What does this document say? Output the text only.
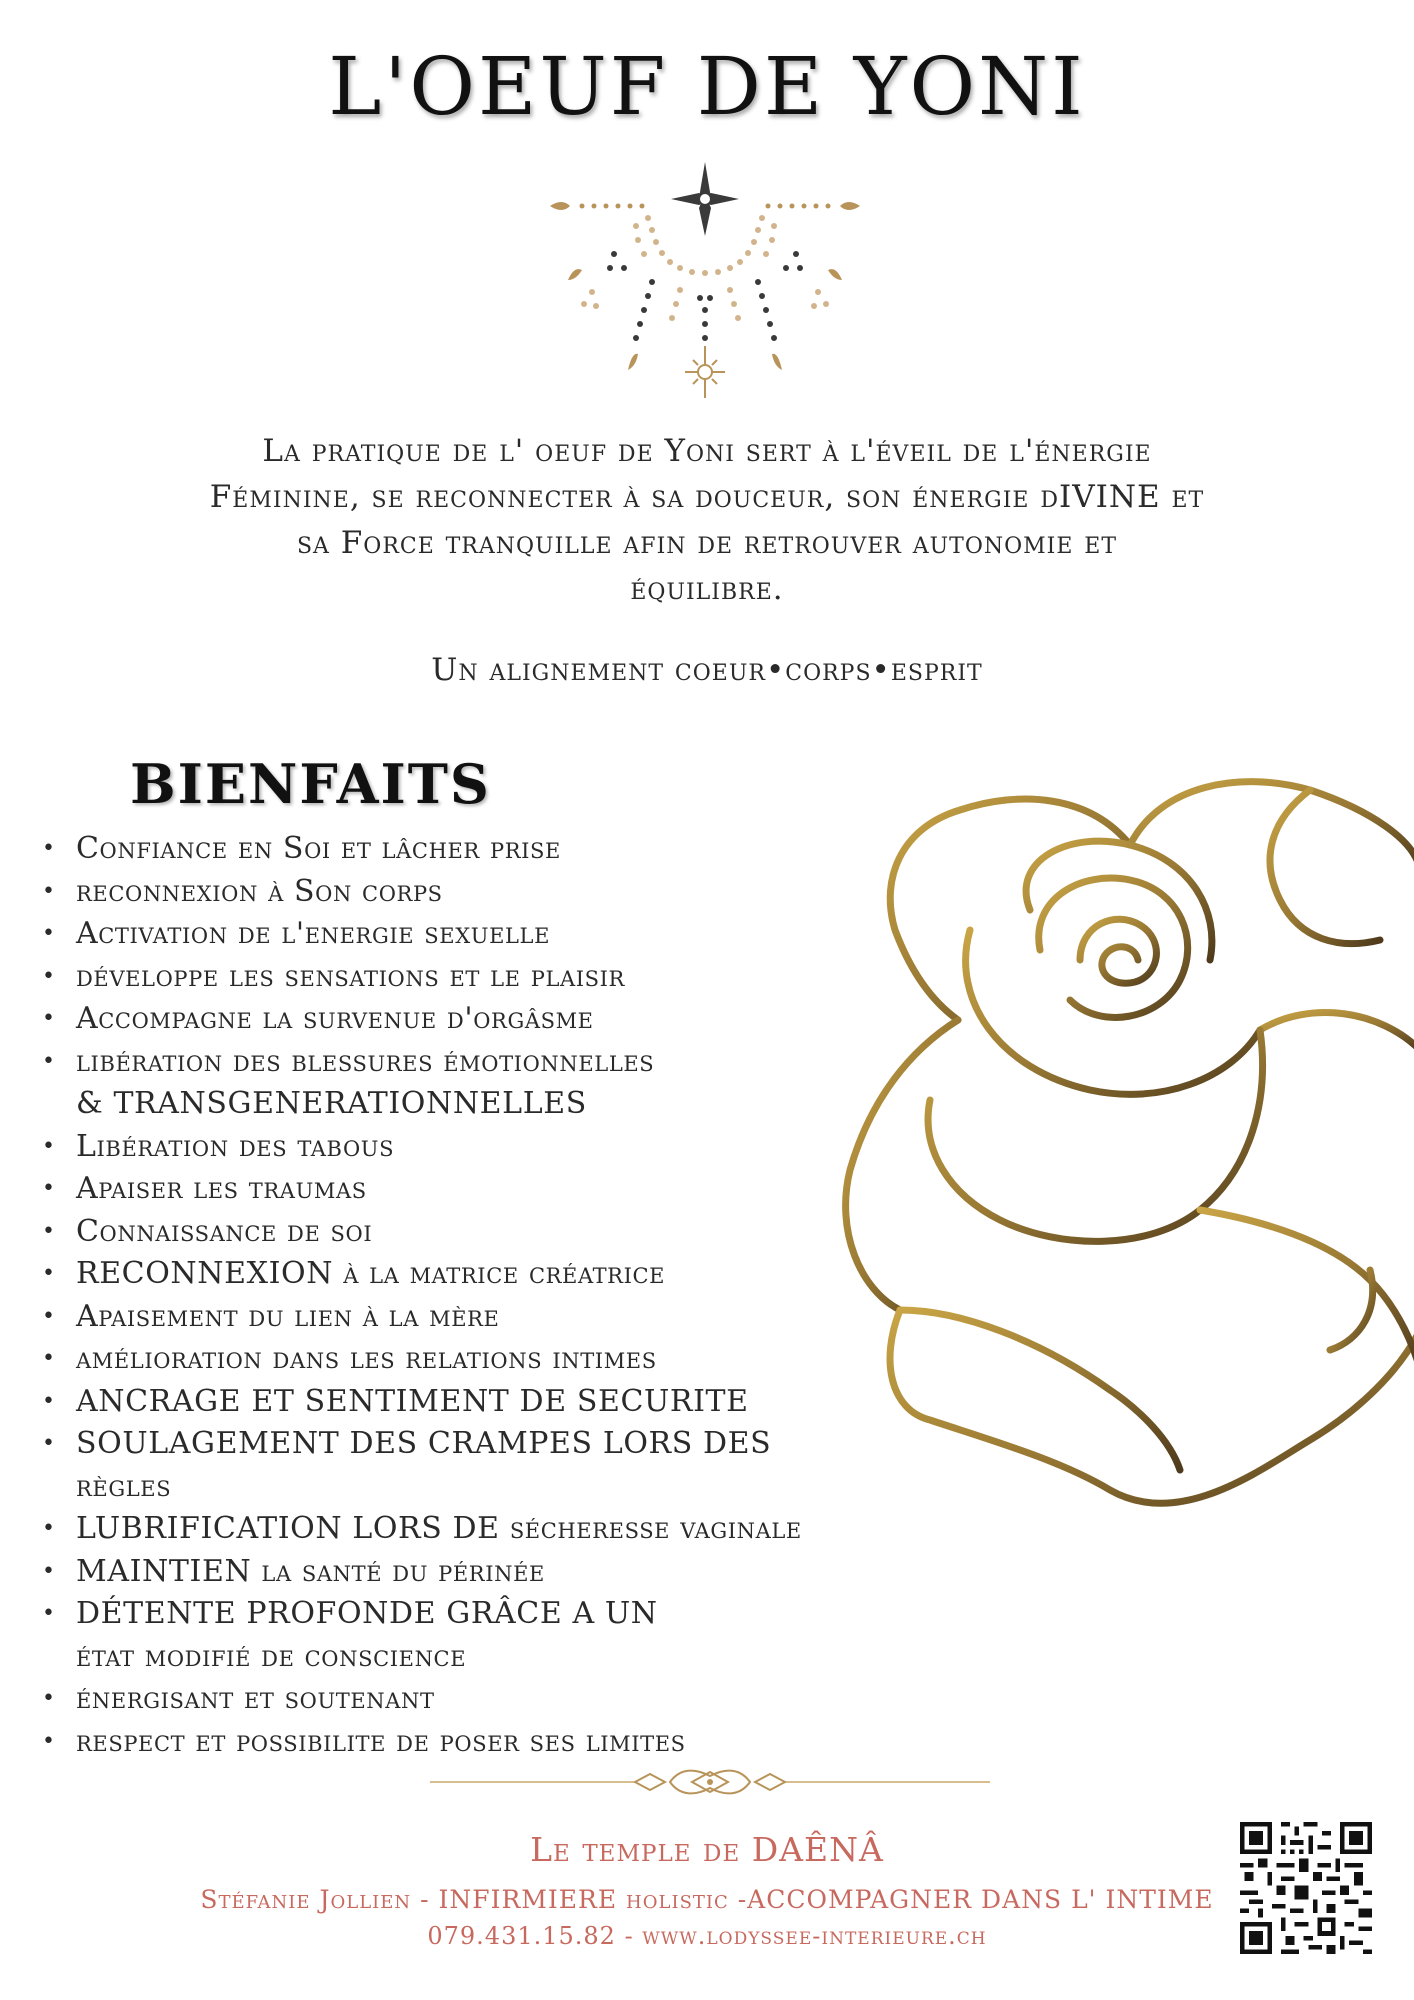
L'OEUF DE YONI

La pratique de l' oeuf de Yoni sert à l'éveil de l'énergie

Féminine, se reconnecter à sa douceur, son énergie dIVINE et

sa Force tranquille afin de retrouver autonomie et

équilibre.

Un alignement coeur•corps•esprit
BIENFAITS
• Confiance en Soi et lâcher prise
• reconnexion à Son corps
• Activation de l'energie sexuelle
• développe les sensations et le plaisir
• Accompagne la survenue d'orgâsme
• libération des blessures émotionnelles
& TRANSGENERATIONNELLES
• Libération des tabous
• Apaiser les traumas
• Connaissance de soi
• RECONNEXION à la matrice créatrice
• Apaisement du lien à la mère
• amélioration dans les relations intimes
• ANCRAGE ET SENTIMENT DE SECURITE
• SOULAGEMENT DES CRAMPES LORS DES règles
• LUBRIFICATION LORS DE sécheresse vaginale
• MAINTIEN la santé du périnée
• DÉTENTE PROFONDE GRÂCE A UN
état modifié de conscience
• énergisant et soutenant
• respect et possibilite de poser ses limites
Le temple de DAÊNÂ
Stéfanie Jollien - INFIRMIERE holistic -ACCOMPAGNER DANS L' INTIME
079.431.15.82 - www.lodyssee-interieure.ch
